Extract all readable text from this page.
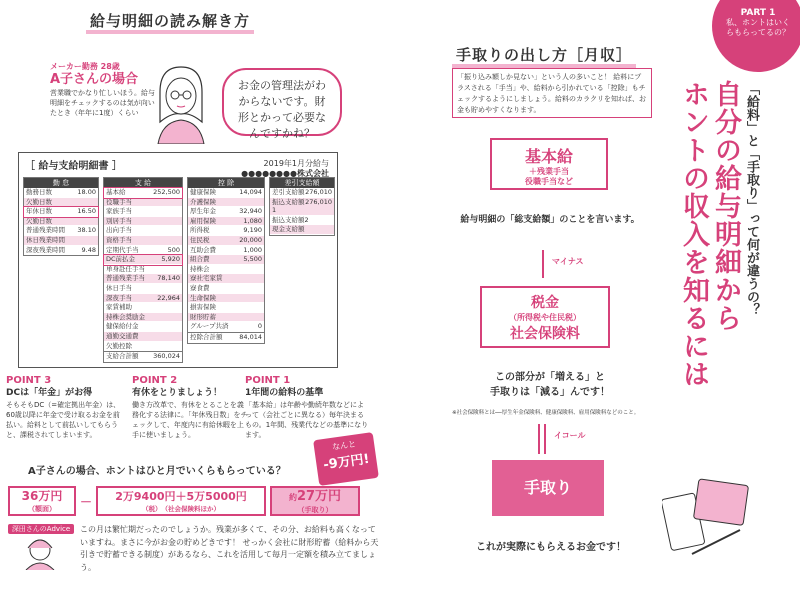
給与明細の読み解き方
メーカー勤務 28歳
A子さんの場合
営業職でかなり忙しいほう。給与明細をチェックするのは気が向いたとき（年年に1度）くらい
お金の管理法がわからないです。財形とかって必要なんですかね？
［ 給与支給明細書 ］	2019年1月分給与
●●●●●●●●株式会社
勤 怠
勤務日数	18.00
欠勤日数
年休日数	16.50
欠勤日数
普通残業時間 38.10
休日残業時間
深夜残業時間	9.48
支 給
基本給	252,500
役職手当
家族手当
別居手当
出向手当
資格手当
定期代手当	500
DC前払金	5,920
単身赴任手当
普通残業手当 78,140
休日手当
深夜手当	22,964
家賃補助
持株会奨励金
健保給付金
通勤交通費
欠勤控除
支給合計額 360,024
控 除
健康保険	14,094
介護保険
厚生年金	32,940
雇用保険	1,080
所得税	9,190
住民税	20,000
互助会費	1,000
組合費	5,500
持株会
寮社宅家賃
寮食費
生命保険
損害保険
財形貯蓄
グループ共済	0
控除合計額	84,014
差引支給額
差引支給額 276,010
振込支給額1
276,010
振込支給額2
現金支給額
POINT 3
DCは「年金」がお得
そもそもDC（=確定拠出年金）は、60歳以降に年金で受け取るお金を前払い。給料として前払いしてもらうと、課税されてしまいます。
POINT 2
有休をとりましょう！
働き方改革で、有休をとることを義務化する法律に。「年休残日数」をチェックして、年度内に有給休暇を上手に使いましょう。
POINT 1
1年間の給料の基準
「基本給」は年齢や勤続年数などによって（会社ごとに異なる）毎年決まるもの。1年間、残業代などの基準になります。
A子さんの場合、ホントはひと月でいくらもらっている？
なんと
-9万円!
36万円
（額面）
－	2万9400円＋5万5000円
（税）　 （社会保険料ほか）
約27万円
（手取り）
深田さんのAdvice	この月は繁忙期だったのでしょうか。残業が多くて、その分、お給料も高くなっていますね。まさに今がお金の貯めどきです！ せっかく会社に財形貯蓄（給料から天引きで貯蓄できる制度）があるなら、これを活用して毎月一定額を積み立てましょう。
PART 1
私、ホントはいくらもらってるの？
「給料」と「手取り」って何が違うの？
自分の給与明細から
ホントの収入を知るには
手取りの出し方［月収］
「振り込み額しか見ない」という人の多いこと！ 給料にプラスされる「手当」や、給料から引かれている「控除」もチェックするようにしましょう。給料のカラクリを知れば、お金も貯めやすくなります。
基本給
＋残業手当
役職手当など
給与明細の「総支給額」のことを言います。
マイナス
税金
（所得税や住民税）
社会保険料
この部分が「増える」と
手取りは「減る」んです！
※社会保険料とは──厚生年金保険料、健康保険料、雇用保険料などのこと。
イコール
手取り
これが実際にもらえるお金です！
